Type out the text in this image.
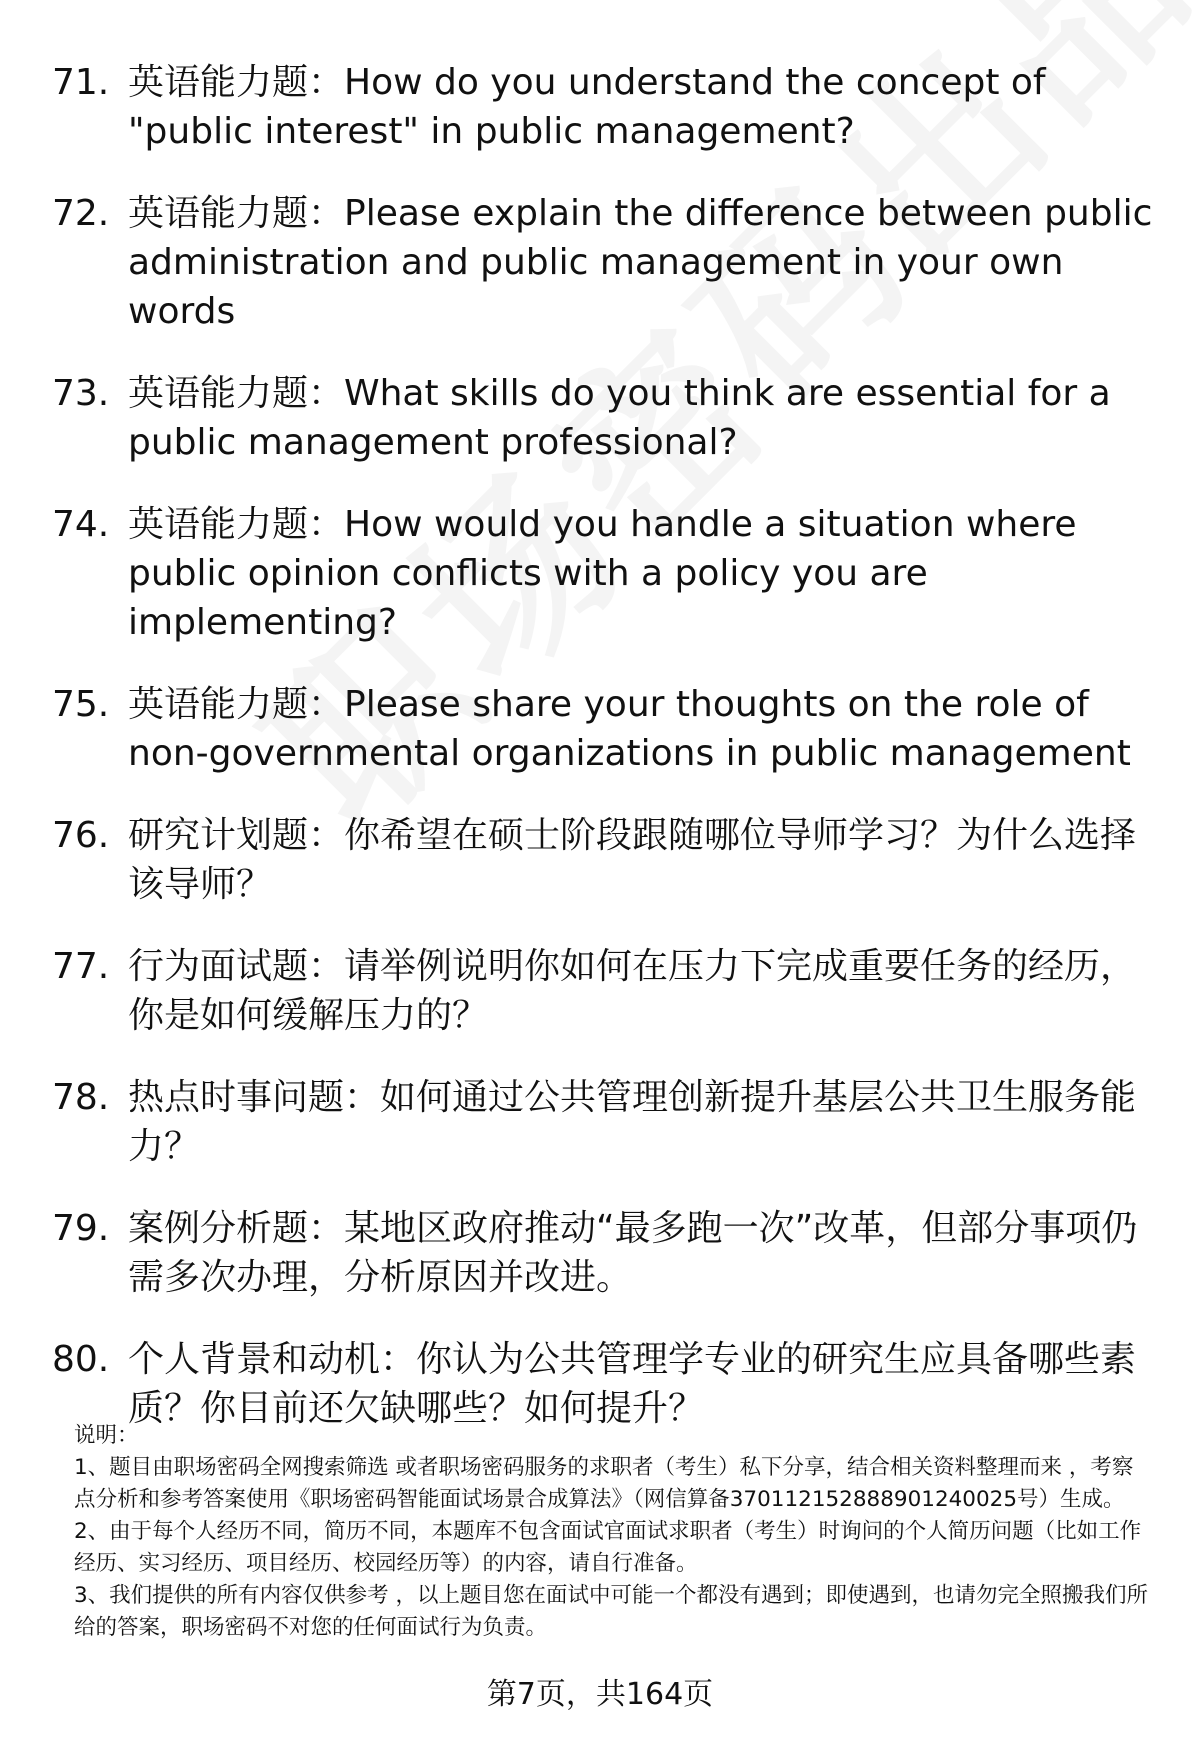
71. 英语能力题：How do you understand the concept of "public interest" in public management?
72. 英语能力题：Please explain the difference between public administration and public management in your own words
73. 英语能力题：What skills do you think are essential for a public management professional?
74. 英语能力题：How would you handle a situation where public opinion conflicts with a policy you are implementing?
75. 英语能力题：Please share your thoughts on the role of non-governmental organizations in public management
76. 研究计划题：你希望在硕士阶段跟随哪位导师学习？为什么选择该导师？
77. 行为面试题：请举例说明你如何在压力下完成重要任务的经历，你是如何缓解压力的？
78. 热点时事问题：如何通过公共管理创新提升基层公共卫生服务能力？
79. 案例分析题：某地区政府推动“最多跑一次”改革，但部分事项仍需多次办理，分析原因并改进。
80. 个人背景和动机：你认为公共管理学专业的研究生应具备哪些素质？你目前还欠缺哪些？如何提升？

说明：

1、题目由职场密码全网搜索筛选 或者职场密码服务的求职者（考生）私下分享，结合相关资料整理而来 ，考察点分析和参考答案使用《职场密码智能面试场景合成算法》（网信算备370112152888901240025号）生成。

2、由于每个人经历不同，简历不同，本题库不包含面试官面试求职者（考生）时询问的个人简历问题（比如工作经历、实习经历、项目经历、校园经历等）的内容，请自行准备。

3、我们提供的所有内容仅供参考 ，以上题目您在面试中可能一个都没有遇到；即使遇到，也请勿完全照搬我们所给的答案，职场密码不对您的任何面试行为负责。

第7页，共164页
